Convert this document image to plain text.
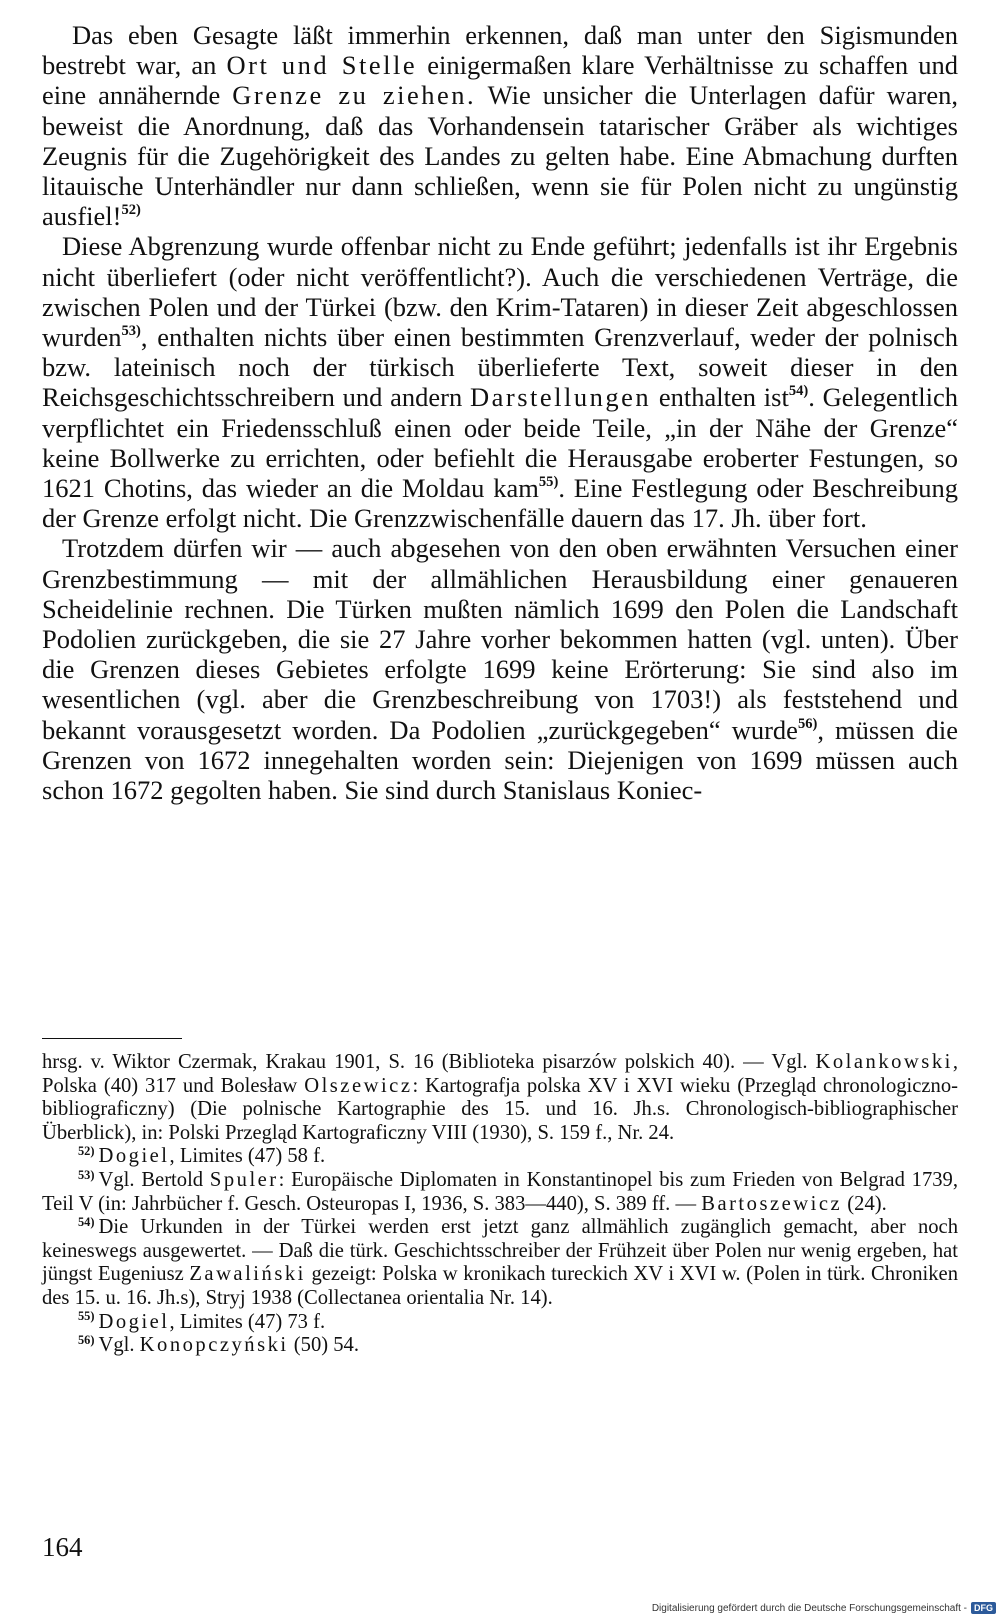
Das eben Gesagte läßt immerhin erkennen, daß man unter den Sigismunden bestrebt war, an Ort und Stelle einigermaßen klare Verhältnisse zu schaffen und eine annähernde Grenze zu ziehen. Wie unsicher die Unterlagen dafür waren, beweist die Anordnung, daß das Vorhandensein tatarischer Gräber als wichtiges Zeugnis für die Zugehörigkeit des Landes zu gelten habe. Eine Abmachung durften litauische Unterhändler nur dann schließen, wenn sie für Polen nicht zu ungünstig ausfiel!$^{52)}$

Diese Abgrenzung wurde offenbar nicht zu Ende geführt; jedenfalls ist ihr Ergebnis nicht überliefert (oder nicht veröffentlicht?). Auch die verschiedenen Verträge, die zwischen Polen und der Türkei (bzw. den Krim-Tataren) in dieser Zeit abgeschlossen wurden$^{53)}$, enthalten nichts über einen bestimmten Grenzverlauf, weder der polnisch bzw. lateinisch noch der türkisch überlieferte Text, soweit dieser in den Reichsgeschichtsschreibern und andern Darstellungen enthalten ist$^{54)}$. Gelegentlich verpflichtet ein Friedensschluß einen oder beide Teile, „in der Nähe der Grenze“ keine Bollwerke zu errichten, oder befiehlt die Herausgabe eroberter Festungen, so 1621 Chotins, das wieder an die Moldau kam$^{55)}$. Eine Festlegung oder Beschreibung der Grenze erfolgt nicht. Die Grenzzwischenfälle dauern das 17. Jh. über fort.

Trotzdem dürfen wir — auch abgesehen von den oben erwähnten Versuchen einer Grenzbestimmung — mit der allmählichen Herausbildung einer genaueren Scheidelinie rechnen. Die Türken mußten nämlich 1699 den Polen die Landschaft Podolien zurückgeben, die sie 27 Jahre vorher bekommen hatten (vgl. unten). Über die Grenzen dieses Gebietes erfolgte 1699 keine Erörterung: Sie sind also im wesentlichen (vgl. aber die Grenzbeschreibung von 1703!) als feststehend und bekannt vorausgesetzt worden. Da Podolien „zurückgegeben“ wurde$^{56)}$, müssen die Grenzen von 1672 innegehalten worden sein: Diejenigen von 1699 müssen auch schon 1672 gegolten haben. Sie sind durch Stanislaus Koniec-

hrsg. v. Wiktor Czermak, Krakau 1901, S. 16 (Biblioteka pisarzów polskich 40). — Vgl. Kolankowski, Polska (40) 317 und Bolesław Olszewicz: Kartografja polska XV i XVI wieku (Przegląd chronologiczno-bibliograficzny) (Die polnische Kartographie des 15. und 16. Jh.s. Chronologisch-bibliographischer Überblick), in: Polski Przegląd Kartograficzny VIII (1930), S. 159 f., Nr. 24.

$^{52)}$ Dogiel, Limites (47) 58 f.

$^{53)}$ Vgl. Bertold Spuler: Europäische Diplomaten in Konstantinopel bis zum Frieden von Belgrad 1739, Teil V (in: Jahrbücher f. Gesch. Osteuropas I, 1936, S. 383—440), S. 389 ff. — Bartoszewicz (24).

$^{54)}$ Die Urkunden in der Türkei werden erst jetzt ganz allmählich zugänglich gemacht, aber noch keineswegs ausgewertet. — Daß die türk. Geschichtsschreiber der Frühzeit über Polen nur wenig ergeben, hat jüngst Eugeniusz Zawaliński gezeigt: Polska w kronikach tureckich XV i XVI w. (Polen in türk. Chroniken des 15. u. 16. Jh.s), Stryj 1938 (Collectanea orientalia Nr. 14).

$^{55)}$ Dogiel, Limites (47) 73 f.

$^{56)}$ Vgl. Konopczyński (50) 54.

164
Digitalisierung gefördert durch die Deutsche Forschungsgemeinschaft - DFG
